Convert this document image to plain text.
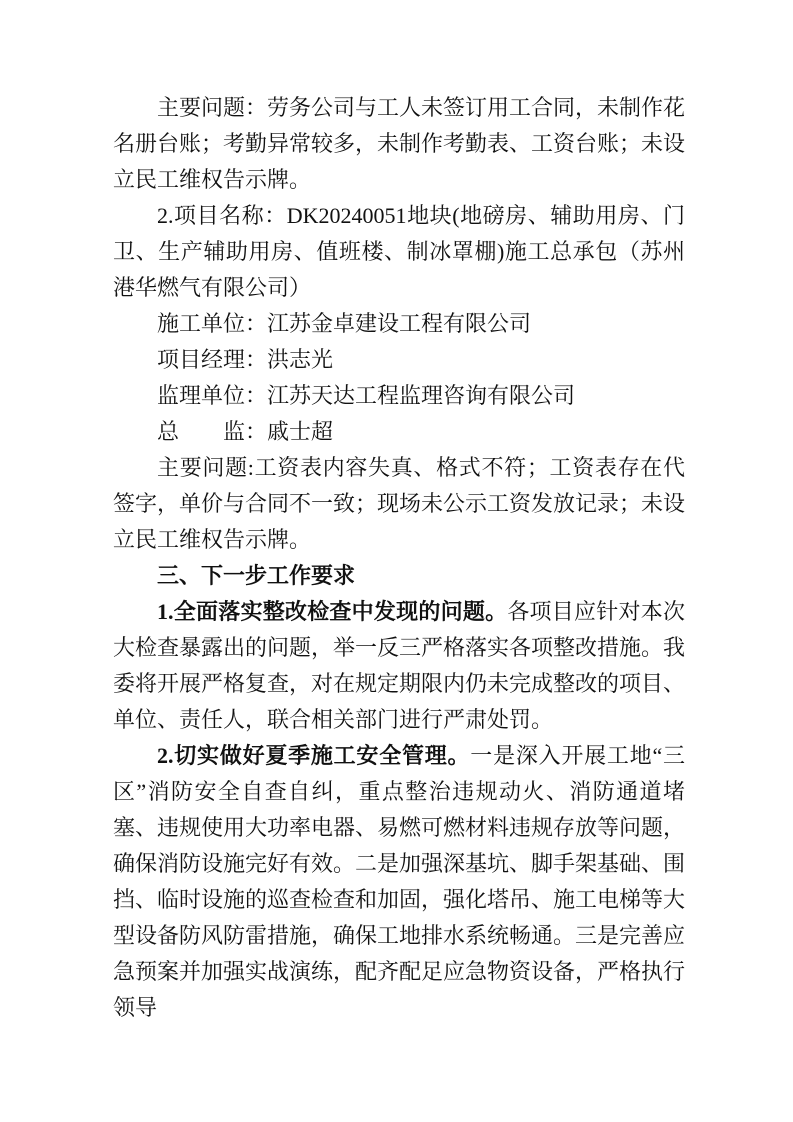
主要问题：劳务公司与工人未签订用工合同，未制作花名册台账；考勤异常较多，未制作考勤表、工资台账；未设立民工维权告示牌。

2.项目名称：DK20240051地块(地磅房、辅助用房、门卫、生产辅助用房、值班楼、制冰罩棚)施工总承包（苏州港华燃气有限公司）

施工单位：江苏金卓建设工程有限公司

项目经理：洪志光

监理单位：江苏天达工程监理咨询有限公司

总　　监：戚士超

主要问题:工资表内容失真、格式不符；工资表存在代签字，单价与合同不一致；现场未公示工资发放记录；未设立民工维权告示牌。

三、下一步工作要求

1.全面落实整改检查中发现的问题。各项目应针对本次大检查暴露出的问题，举一反三严格落实各项整改措施。我委将开展严格复查，对在规定期限内仍未完成整改的项目、单位、责任人，联合相关部门进行严肃处罚。

2.切实做好夏季施工安全管理。一是深入开展工地“三区”消防安全自查自纠，重点整治违规动火、消防通道堵塞、违规使用大功率电器、易燃可燃材料违规存放等问题，确保消防设施完好有效。二是加强深基坑、脚手架基础、围挡、临时设施的巡查检查和加固，强化塔吊、施工电梯等大型设备防风防雷措施，确保工地排水系统畅通。三是完善应急预案并加强实战演练，配齐配足应急物资设备，严格执行领导
